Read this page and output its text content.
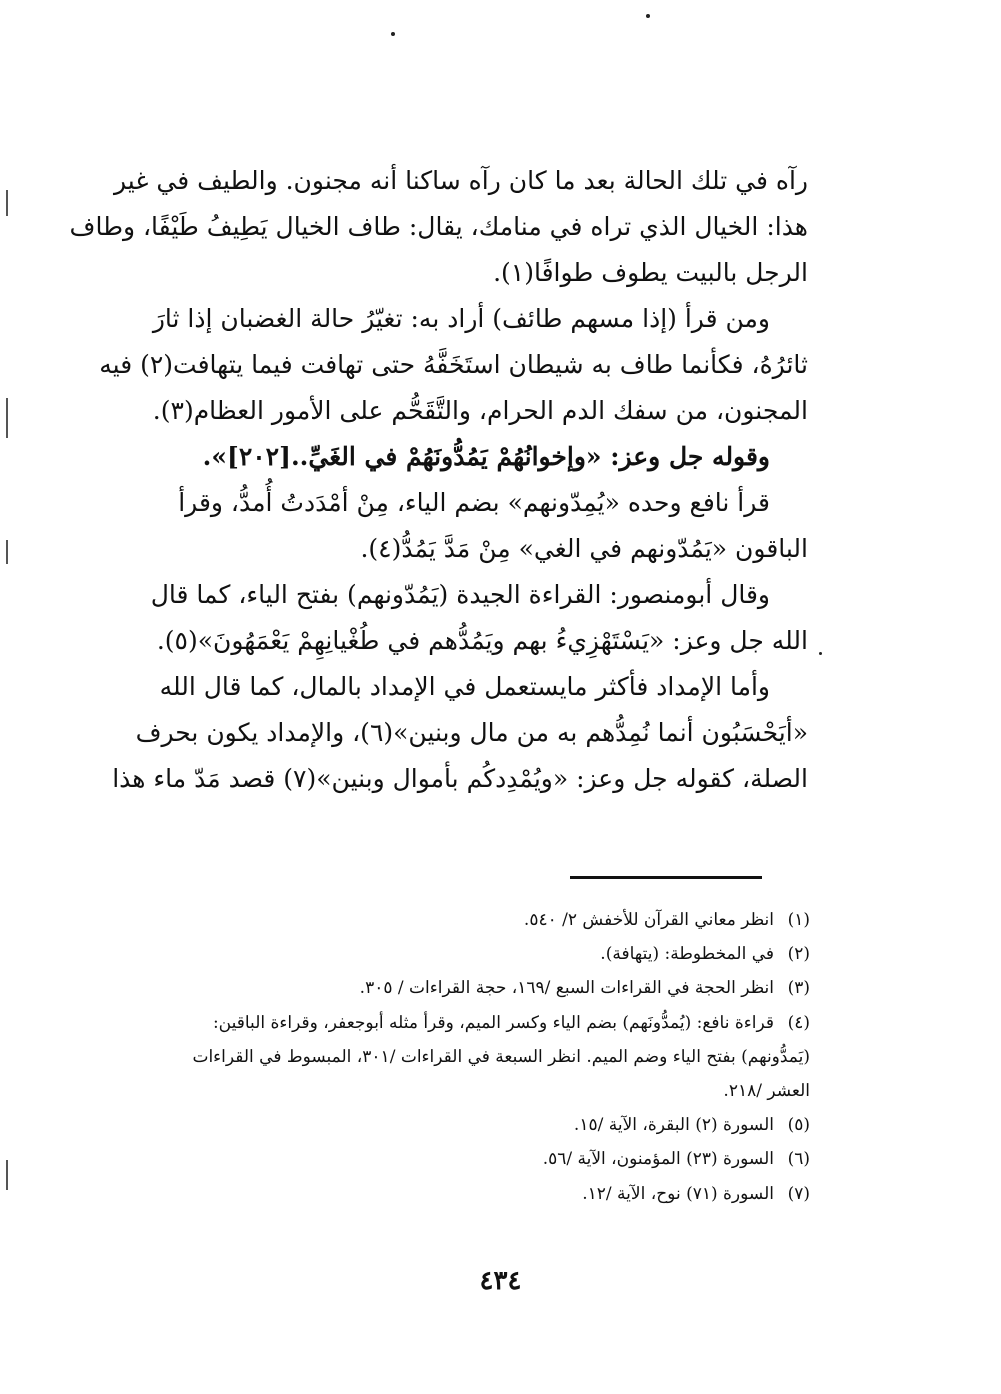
رآه في تلك الحالة بعد ما كان رآه ساكنا أنه مجنون. والطيف في غير
هذا: الخيال الذي تراه في منامك، يقال: طاف الخيال يَطِيفُ طَيْفًا، وطاف
الرجل بالبيت يطوف طوافًا(١).
ومن قرأ (إذا مسهم طائف) أراد به: تغيّرُ حالة الغضبان إذا ثارَ
ثائرُهُ، فكأنما طاف به شيطان استَخَفَّهُ حتى تهافت فيما يتهافت(٢) فيه
المجنون، من سفك الدم الحرام، والتَّقَحُّم على الأمور العظام(٣).
وقوله جل وعز: «وإخوانُهُمْ يَمُدُّونَهُمْ في الغَيِّ..[٢٠٢]».
قرأ نافع وحده «يُمِدّونهم» بضم الياء، مِنْ أمْدَدتُ أُمدُّ، وقرأ
الباقون «يَمُدّونهم في الغي» مِنْ مَدَّ يَمُدُّ(٤).
وقال أبومنصور: القراءة الجيدة (يَمُدّونهم) بفتح الياء، كما قال
الله جل وعز: «يَسْتَهْزِيءُ بهم ويَمُدُّهم في طُغْيانِهِمْ يَعْمَهُونَ»(٥).
وأما الإمداد فأكثر مايستعمل في الإمداد بالمال، كما قال الله
«أيَحْسَبُون أنما نُمِدُّهم به من مال وبنين»(٦)، والإمداد يكون بحرف
الصلة، كقوله جل وعز: «ويُمْدِدكُم بأموال وبنين»(٧) قصد مَدّ ماء هذا
(١)انظر معاني القرآن للأخفش ٢/ ٥٤٠.
(٢)في المخطوطة: (يتهافة).
(٣)انظر الحجة في القراءات السبع /١٦٩، حجة القراءات / ٣٠٥.
(٤)قراءة نافع: (يُمدُّونَهم) بضم الياء وكسر الميم، وقرأ مثله أبوجعفر، وقراءة الباقين:
(يَمدُّونهم) بفتح الياء وضم الميم. انظر السبعة في القراءات /٣٠١، المبسوط في القراءات
العشر /٢١٨.
(٥)السورة (٢) البقرة، الآية /١٥.
(٦)السورة (٢٣) المؤمنون، الآية /٥٦.
(٧)السورة (٧١) نوح، الآية /١٢.
٤٣٤
